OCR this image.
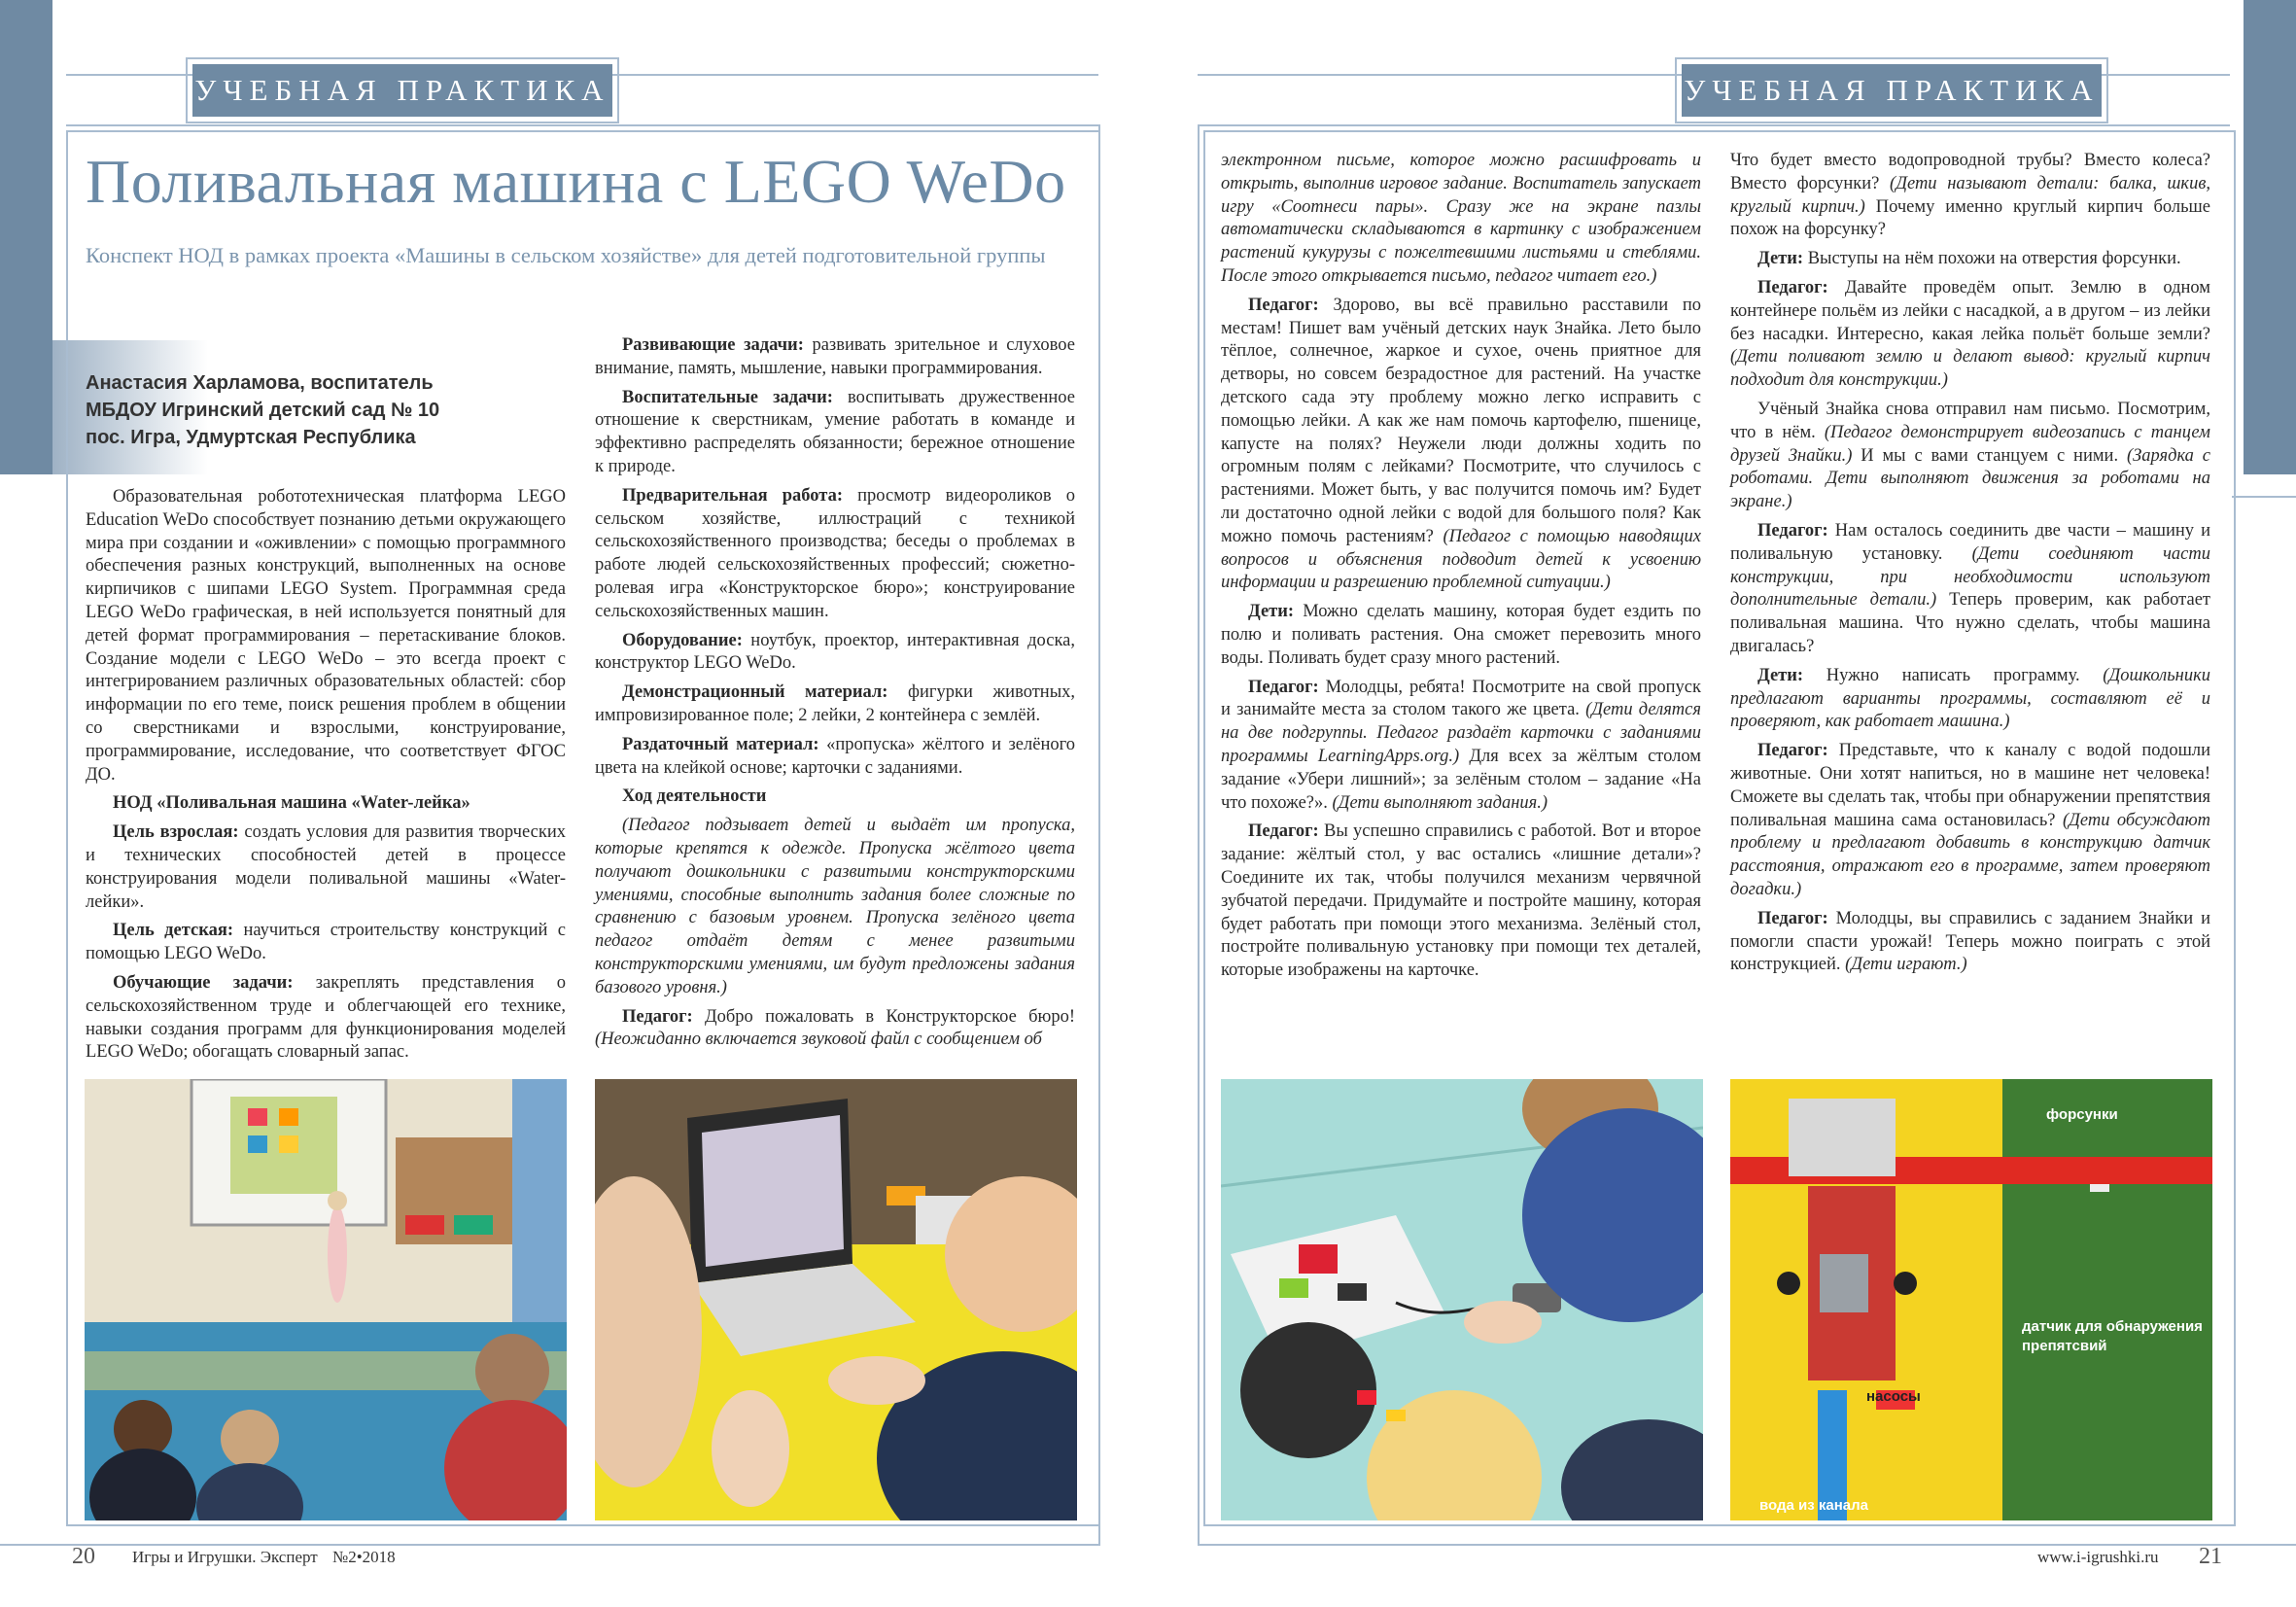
УЧЕБНАЯ ПРАКТИКА	УЧЕБНАЯ ПРАКТИКА
Поливальная машина с LEGO WeDo
Конспект НОД в рамках проекта «Машины в сельском хозяйстве» для детей подготовительной группы
Анастасия Харламова, воспитатель
МБДОУ Игринский детский сад № 10
пос. Игра, Удмуртская Республика

Образовательная робототехническая платформа LEGO Education WeDo способствует познанию детьми окружающего мира при создании и «оживлении» с помощью программного обеспечения разных конструкций, выполненных на основе кирпичиков с шипами LEGO System. Программная среда LEGO WeDo графическая, в ней используется понятный для детей формат программирования – перетаскивание блоков. Создание модели с LEGO WeDo – это всегда проект с интегрированием различных образовательных областей: сбор информации по его теме, поиск решения проблем в общении со сверстниками и взрослыми, конструирование, программирование, исследование, что соответствует ФГОС ДО.

НОД «Поливальная машина «Water-лейка»

Цель взрослая: создать условия для развития творческих и технических способностей детей в процессе конструирования модели поливальной машины «Water-лейки».

Цель детская: научиться строительству конструкций с помощью LEGO WeDo.

Обучающие задачи: закреплять представления о сельскохозяйственном труде и облегчающей его технике, навыки создания программ для функционирования моделей LEGO WeDo; обогащать словарный запас.

Развивающие задачи: развивать зрительное и слуховое внимание, память, мышление, навыки программирования.

Воспитательные задачи: воспитывать дружественное отношение к сверстникам, умение работать в команде и эффективно распределять обязанности; бережное отношение к природе.

Предварительная работа: просмотр видеороликов о сельском хозяйстве, иллюстраций с техникой сельскохозяйственного производства; беседы о проблемах в работе людей сельскохозяйственных профессий; сюжетно-ролевая игра «Конструкторское бюро»; конструирование сельскохозяйственных машин.

Оборудование: ноутбук, проектор, интерактивная доска, конструктор LEGO WeDo.

Демонстрационный материал: фигурки животных, импровизированное поле; 2 лейки, 2 контейнера с землёй.

Раздаточный материал: «пропуска» жёлтого и зелёного цвета на клейкой основе; карточки с заданиями.

Ход деятельности

(Педагог подзывает детей и выдаёт им пропуска, которые крепятся к одежде. Пропуска жёлтого цвета получают дошкольники с развитыми конструкторскими умениями, способные выполнить задания более сложные по сравнению с базовым уровнем. Пропуска зелёного цвета педагог отдаёт детям с менее развитыми конструкторскими умениями, им будут предложены задания базового уровня.)

Педагог: Добро пожаловать в Конструкторское бюро! (Неожиданно включается звуковой файл с сообщением об

электронном письме, которое можно расшифровать и открыть, выполнив игровое задание. Воспитатель запускает игру «Соотнеси пары». Сразу же на экране пазлы автоматически складываются в картинку с изображением растений кукурузы с пожелтевшими листьями и стеблями. После этого открывается письмо, педагог читает его.)

Педагог: Здорово, вы всё правильно расставили по местам! Пишет вам учёный детских наук Знайка. Лето было тёплое, солнечное, жаркое и сухое, очень приятное для детворы, но совсем безрадостное для растений. На участке детского сада эту проблему можно легко исправить с помощью лейки. А как же нам помочь картофелю, пшенице, капусте на полях? Неужели люди должны ходить по огромным полям с лейками? Посмотрите, что случилось с растениями. Может быть, у вас получится помочь им? Будет ли достаточно одной лейки с водой для большого поля? Как можно помочь растениям? (Педагог с помощью наводящих вопросов и объяснения подводит детей к усвоению информации и разрешению проблемной ситуации.)

Дети: Можно сделать машину, которая будет ездить по полю и поливать растения. Она сможет перевозить много воды. Поливать будет сразу много растений.

Педагог: Молодцы, ребята! Посмотрите на свой пропуск и занимайте места за столом такого же цвета. (Дети делятся на две подгруппы. Педагог раздаёт карточки с заданиями программы LearningApps.org.) Для всех за жёлтым столом задание «Убери лишний»; за зелёным столом – задание «На что похоже?». (Дети выполняют задания.)

Педагог: Вы успешно справились с работой. Вот и второе задание: жёлтый стол, у вас остались «лишние детали»? Соедините их так, чтобы получился механизм червячной зубчатой передачи. Придумайте и постройте машину, которая будет работать при помощи этого механизма. Зелёный стол, постройте поливальную установку при помощи тех деталей, которые изображены на карточке.

Что будет вместо водопроводной трубы? Вместо колеса? Вместо форсунки? (Дети называют детали: балка, шкив, круглый кирпич.) Почему именно круглый кирпич больше похож на форсунку?

Дети: Выступы на нём похожи на отверстия форсунки.

Педагог: Давайте проведём опыт. Землю в одном контейнере польём из лейки с насадкой, а в другом – из лейки без насадки. Интересно, какая лейка польёт больше земли? (Дети поливают землю и делают вывод: круглый кирпич подходит для конструкции.)

Учёный Знайка снова отправил нам письмо. Посмотрим, что в нём. (Педагог демонстрирует видеозапись с танцем друзей Знайки.) И мы с вами станцуем с ними. (Зарядка с роботами. Дети выполняют движения за роботами на экране.)

Педагог: Нам осталось соединить две части – машину и поливальную установку. (Дети соединяют части конструкции, при необходимости используют дополнительные детали.) Теперь проверим, как работает поливальная машина. Что нужно сделать, чтобы машина двигалась?

Дети: Нужно написать программу. (Дошкольники предлагают варианты программы, составляют её и проверяют, как работает машина.)

Педагог: Представьте, что к каналу с водой подошли животные. Они хотят напиться, но в машине нет человека! Сможете вы сделать так, чтобы при обнаружении препятствия поливальная машина сама остановилась? (Дети обсуждают проблему и предлагают добавить в конструкцию датчик расстояния, отражают его в программе, затем проверяют догадки.)

Педагог: Молодцы, вы справились с заданием Знайки и помогли спасти урожай! Теперь можно поиграть с этой конструкцией. (Дети играют.)

форсунки
датчик для обнаружения препятсвий
насосы
вода из канала
20 Игры и Игрушки. Эксперт №2•2018	www.i-igrushki.ru 21
